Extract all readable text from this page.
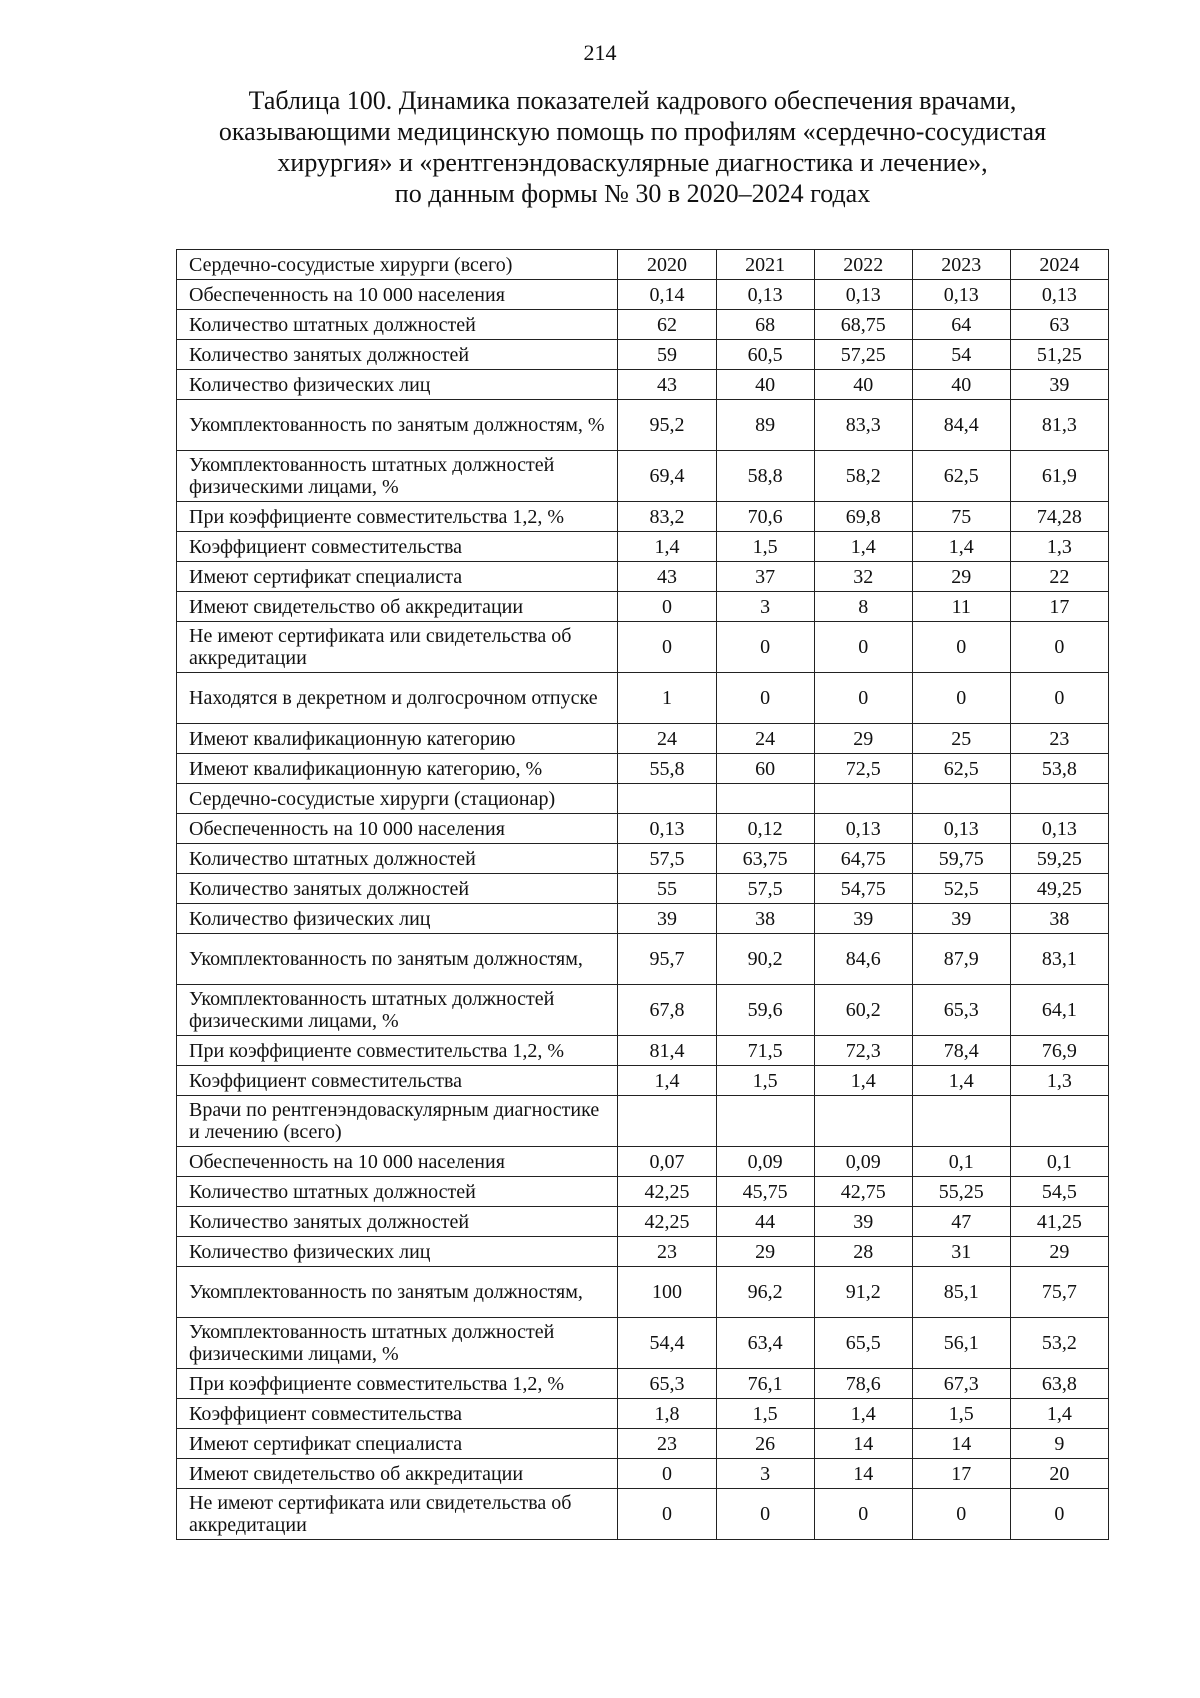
214
Таблица 100. Динамика показателей кадрового обеспечения врачами,
оказывающими медицинскую помощь по профилям «сердечно-сосудистая
хирургия» и «рентгенэндоваскулярные диагностика и лечение»,
по данным формы № 30 в 2020–2024 годах
Сердечно-сосудистые хирурги (всего)	2020	2021	2022	2023	2024
Обеспеченность на 10 000 населения	0,14	0,13	0,13	0,13	0,13
Количество штатных должностей	62	68	68,75	64	63
Количество занятых должностей	59	60,5	57,25	54	51,25
Количество физических лиц	43	40	40	40	39
Укомплектованность по занятым должностям, %	95,2	89	83,3	84,4	81,3
Укомплектованность штатных должностей физическими лицами, %	69,4	58,8	58,2	62,5	61,9
При коэффициенте совместительства 1,2, %	83,2	70,6	69,8	75	74,28
Коэффициент совместительства	1,4	1,5	1,4	1,4	1,3
Имеют сертификат специалиста	43	37	32	29	22
Имеют свидетельство об аккредитации	0	3	8	11	17
Не имеют сертификата или свидетельства об аккредитации	0	0	0	0	0
Находятся в декретном и долгосрочном отпуске	1	0	0	0	0
Имеют квалификационную категорию	24	24	29	25	23
Имеют квалификационную категорию, %	55,8	60	72,5	62,5	53,8
Сердечно-сосудистые хирурги (стационар)					
Обеспеченность на 10 000 населения	0,13	0,12	0,13	0,13	0,13
Количество штатных должностей	57,5	63,75	64,75	59,75	59,25
Количество занятых должностей	55	57,5	54,75	52,5	49,25
Количество физических лиц	39	38	39	39	38
Укомплектованность по занятым должностям,	95,7	90,2	84,6	87,9	83,1
Укомплектованность штатных должностей физическими лицами, %	67,8	59,6	60,2	65,3	64,1
При коэффициенте совместительства 1,2, %	81,4	71,5	72,3	78,4	76,9
Коэффициент совместительства	1,4	1,5	1,4	1,4	1,3
Врачи по рентгенэндоваскулярным диагностике и лечению (всего)					
Обеспеченность на 10 000 населения	0,07	0,09	0,09	0,1	0,1
Количество штатных должностей	42,25	45,75	42,75	55,25	54,5
Количество занятых должностей	42,25	44	39	47	41,25
Количество физических лиц	23	29	28	31	29
Укомплектованность по занятым должностям,	100	96,2	91,2	85,1	75,7
Укомплектованность штатных должностей физическими лицами, %	54,4	63,4	65,5	56,1	53,2
При коэффициенте совместительства 1,2, %	65,3	76,1	78,6	67,3	63,8
Коэффициент совместительства	1,8	1,5	1,4	1,5	1,4
Имеют сертификат специалиста	23	26	14	14	9
Имеют свидетельство об аккредитации	0	3	14	17	20
Не имеют сертификата или свидетельства об аккредитации	0	0	0	0	0
